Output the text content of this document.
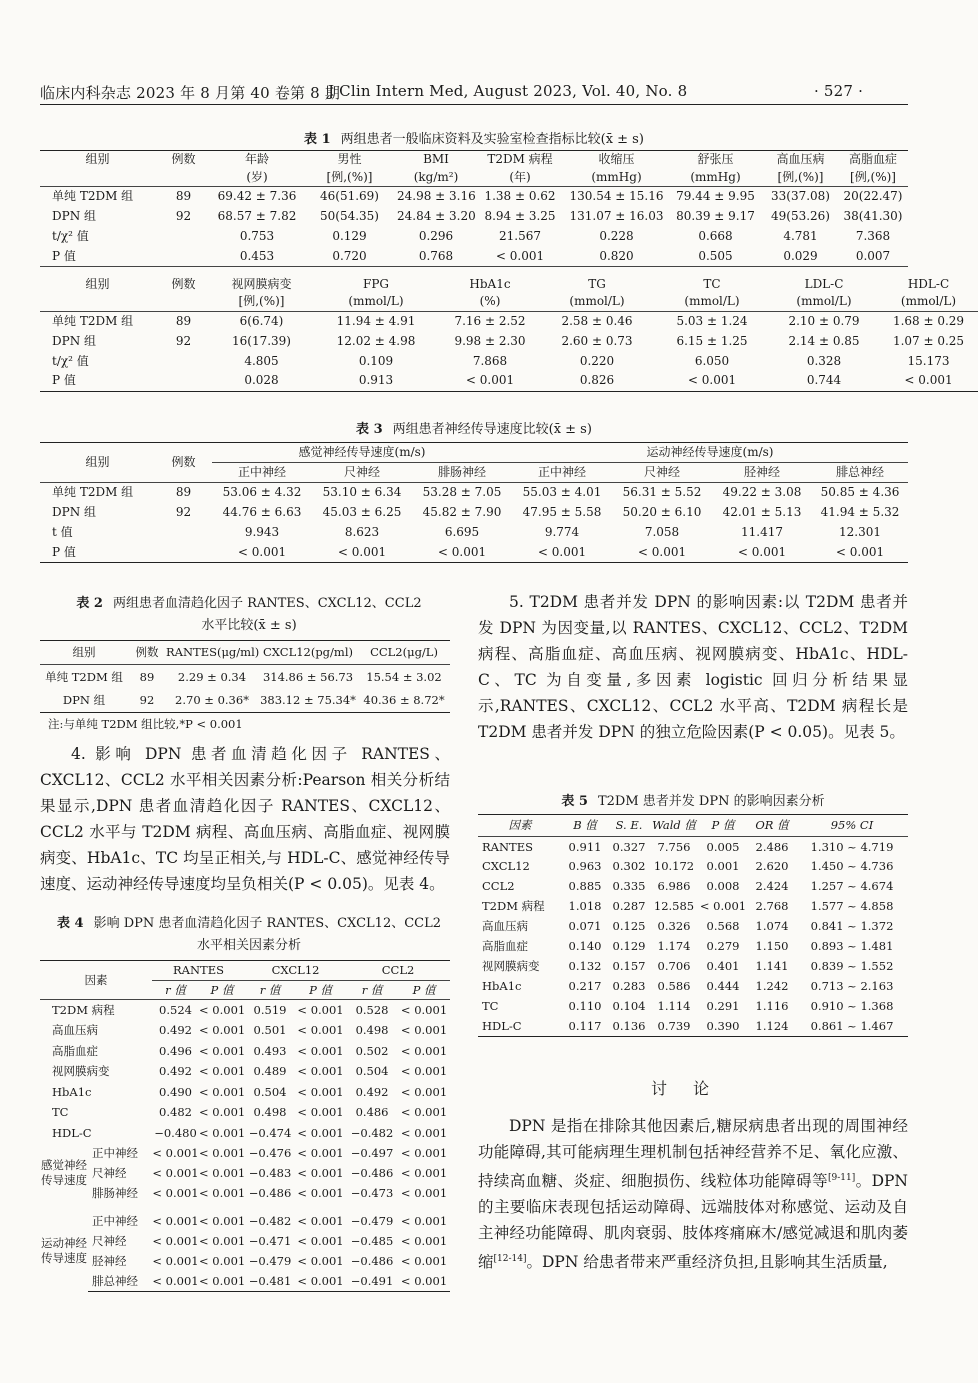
临床内科杂志 2023 年 8 月第 40 卷第 8 期
J Clin Intern Med, August 2023, Vol. 40, No. 8	· 527 ·
表 1 两组患者一般临床资料及实验室检查指标比较(x̄ ± s)
组别	例数	年龄	男性	BMI	T2DM 病程	收缩压	舒张压	高血压病	高脂血症
		(岁)	[例,(%)]	(kg/m²)	(年)	(mmHg)	(mmHg)	[例,(%)]	[例,(%)]
单纯 T2DM 组	89	69.42 ± 7.36	46(51.69)	24.98 ± 3.16	1.38 ± 0.62	130.54 ± 15.16	79.44 ± 9.95	33(37.08)	20(22.47)
DPN 组	92	68.57 ± 7.82	50(54.35)	24.84 ± 3.20	8.94 ± 3.25	131.07 ± 16.03	80.39 ± 9.17	49(53.26)	38(41.30)
t/χ² 值		0.753	0.129	0.296	21.567	0.228	0.668	4.781	7.368
P 值		0.453	0.720	0.768	< 0.001	0.820	0.505	0.029	0.007
组别	例数	视网膜病变	FPG	HbA1c	TG	TC	LDL-C	HDL-C
		[例,(%)]	(mmol/L)	(%)	(mmol/L)	(mmol/L)	(mmol/L)	(mmol/L)
单纯 T2DM 组	89	6(6.74)	11.94 ± 4.91	7.16 ± 2.52	2.58 ± 0.46	5.03 ± 1.24	2.10 ± 0.79	1.68 ± 0.29
DPN 组	92	16(17.39)	12.02 ± 4.98	9.98 ± 2.30	2.60 ± 0.73	6.15 ± 1.25	2.14 ± 0.85	1.07 ± 0.25
t/χ² 值		4.805	0.109	7.868	0.220	6.050	0.328	15.173
P 值		0.028	0.913	< 0.001	0.826	< 0.001	0.744	< 0.001
表 3 两组患者神经传导速度比较(x̄ ± s)
组别	例数	感觉神经传导速度(m/s)			运动神经传导速度(m/s)			
		正中神经	尺神经	腓肠神经	正中神经	尺神经	胫神经	腓总神经
单纯 T2DM 组	89	53.06 ± 4.32	53.10 ± 6.34	53.28 ± 7.05	55.03 ± 4.01	56.31 ± 5.52	49.22 ± 3.08	50.85 ± 4.36
DPN 组	92	44.76 ± 6.63	45.03 ± 6.25	45.82 ± 7.90	47.95 ± 5.58	50.20 ± 6.10	42.01 ± 5.13	41.94 ± 5.32
t 值		9.943	8.623	6.695	9.774	7.058	11.417	12.301
P 值		< 0.001	< 0.001	< 0.001	< 0.001	< 0.001	< 0.001	< 0.001
表 2 两组患者血清趋化因子 RANTES、CXCL12、CCL2
水平比较(x̄ ± s)
组别	例数	RANTES(μg/ml)	CXCL12(pg/ml)	CCL2(μg/L)
单纯 T2DM 组	89	2.29 ± 0.34	314.86 ± 56.73	15.54 ± 3.02
DPN 组	92	2.70 ± 0.36*	383.12 ± 75.34*	40.36 ± 8.72*
注:与单纯 T2DM 组比较,*P < 0.001
4. 影响 DPN 患者血清趋化因子 RANTES、CXCL12、CCL2 水平相关因素分析:Pearson 相关分析结果显示,DPN 患者血清趋化因子 RANTES、CXCL12、CCL2 水平与 T2DM 病程、高血压病、高脂血症、视网膜病变、HbA1c、TC 均呈正相关,与 HDL-C、感觉神经传导速度、运动神经传导速度均呈负相关(P < 0.05)。见表 4。
表 4 影响 DPN 患者血清趋化因子 RANTES、CXCL12、CCL2
水平相关因素分析
因素		RANTES		CXCL12		CCL2	
		r 值	P 值	r 值	P 值	r 值	P 值
T2DM 病程		0.524	< 0.001	0.519	< 0.001	0.528	< 0.001
高血压病		0.492	< 0.001	0.501	< 0.001	0.498	< 0.001
高脂血症		0.496	< 0.001	0.493	< 0.001	0.502	< 0.001
视网膜病变		0.492	< 0.001	0.489	< 0.001	0.504	< 0.001
HbA1c		0.490	< 0.001	0.504	< 0.001	0.492	< 0.001
TC		0.482	< 0.001	0.498	< 0.001	0.486	< 0.001
HDL-C		−0.480	< 0.001	−0.474	< 0.001	−0.482	< 0.001
感觉神经传导速度	正中神经	< 0.001	< 0.001	−0.476	< 0.001	−0.497	< 0.001
	尺神经	< 0.001	< 0.001	−0.483	< 0.001	−0.486	< 0.001
	腓肠神经	< 0.001	< 0.001	−0.486	< 0.001	−0.473	< 0.001

运动神经传导速度	正中神经	< 0.001	< 0.001	−0.482	< 0.001	−0.479	< 0.001
	尺神经	< 0.001	< 0.001	−0.471	< 0.001	−0.485	< 0.001
	胫神经	< 0.001	< 0.001	−0.479	< 0.001	−0.486	< 0.001
	腓总神经	< 0.001	< 0.001	−0.481	< 0.001	−0.491	< 0.001
5. T2DM 患者并发 DPN 的影响因素:以 T2DM 患者并发 DPN 为因变量,以 RANTES、CXCL12、CCL2、T2DM 病程、高脂血症、高血压病、视网膜病变、HbA1c、HDL-C、TC 为自变量,多因素 logistic 回归分析结果显示,RANTES、CXCL12、CCL2 水平高、T2DM 病程长是 T2DM 患者并发 DPN 的独立危险因素(P < 0.05)。见表 5。
表 5 T2DM 患者并发 DPN 的影响因素分析
因素	B 值	S. E.	Wald 值	P 值	OR 值	95% CI
RANTES	0.911	0.327	7.756	0.005	2.486	1.310 ~ 4.719
CXCL12	0.963	0.302	10.172	0.001	2.620	1.450 ~ 4.736
CCL2	0.885	0.335	6.986	0.008	2.424	1.257 ~ 4.674
T2DM 病程	1.018	0.287	12.585	< 0.001	2.768	1.577 ~ 4.858
高血压病	0.071	0.125	0.326	0.568	1.074	0.841 ~ 1.372
高脂血症	0.140	0.129	1.174	0.279	1.150	0.893 ~ 1.481
视网膜病变	0.132	0.157	0.706	0.401	1.141	0.839 ~ 1.552
HbA1c	0.217	0.283	0.586	0.444	1.242	0.713 ~ 2.163
TC	0.110	0.104	1.114	0.291	1.116	0.910 ~ 1.368
HDL-C	0.117	0.136	0.739	0.390	1.124	0.861 ~ 1.467
讨论
DPN 是指在排除其他因素后,糖尿病患者出现的周围神经功能障碍,其可能病理生理机制包括神经营养不足、氧化应激、持续高血糖、炎症、细胞损伤、线粒体功能障碍等[9-11]。DPN 的主要临床表现包括运动障碍、远端肢体对称感觉、运动及自主神经功能障碍、肌肉衰弱、肢体疼痛麻木/感觉减退和肌肉萎缩[12-14]。DPN 给患者带来严重经济负担,且影响其生活质量,
